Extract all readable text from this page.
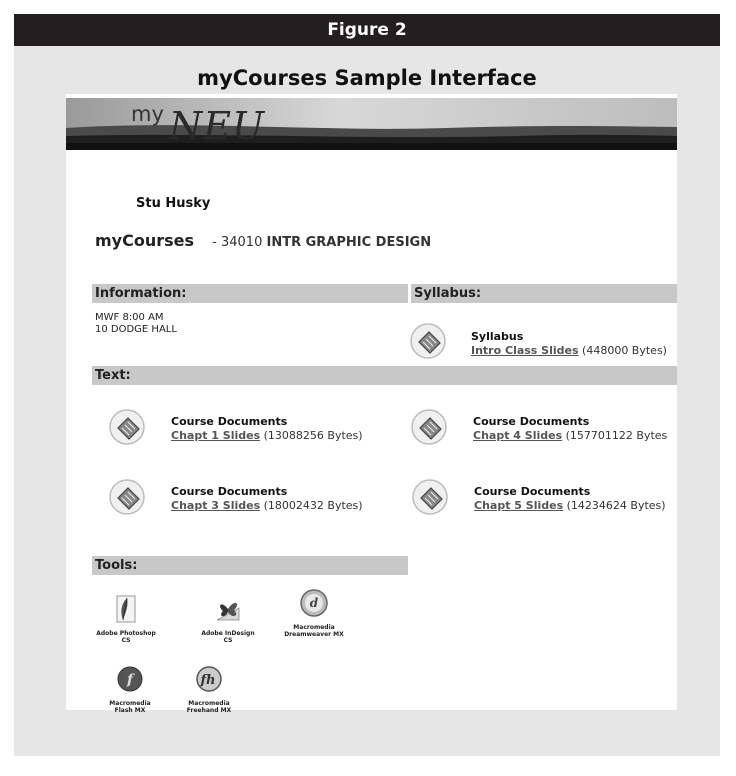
Figure 2
myCourses Sample Interface
my NEU
Stu Husky
myCourses - 34010 INTR GRAPHIC DESIGN
Information:	Syllabus:
MWF 8:00 AM
10 DODGE HALL
Syllabus
Intro Class Slides (448000 Bytes)
Text:
Course Documents
Chapt 1 Slides (13088256 Bytes)
Course Documents
Chapt 4 Slides (157701122 Bytes
Course Documents
Chapt 3 Slides (18002432 Bytes)
Course Documents
Chapt 5 Slides (14234624 Bytes)
Tools:
Adobe Photoshop
CS
Adobe InDesign
CS
d
Macromedia
Dreamweaver MX
f
Macromedia
Flash MX
fh
Macromedia
Freehand MX
